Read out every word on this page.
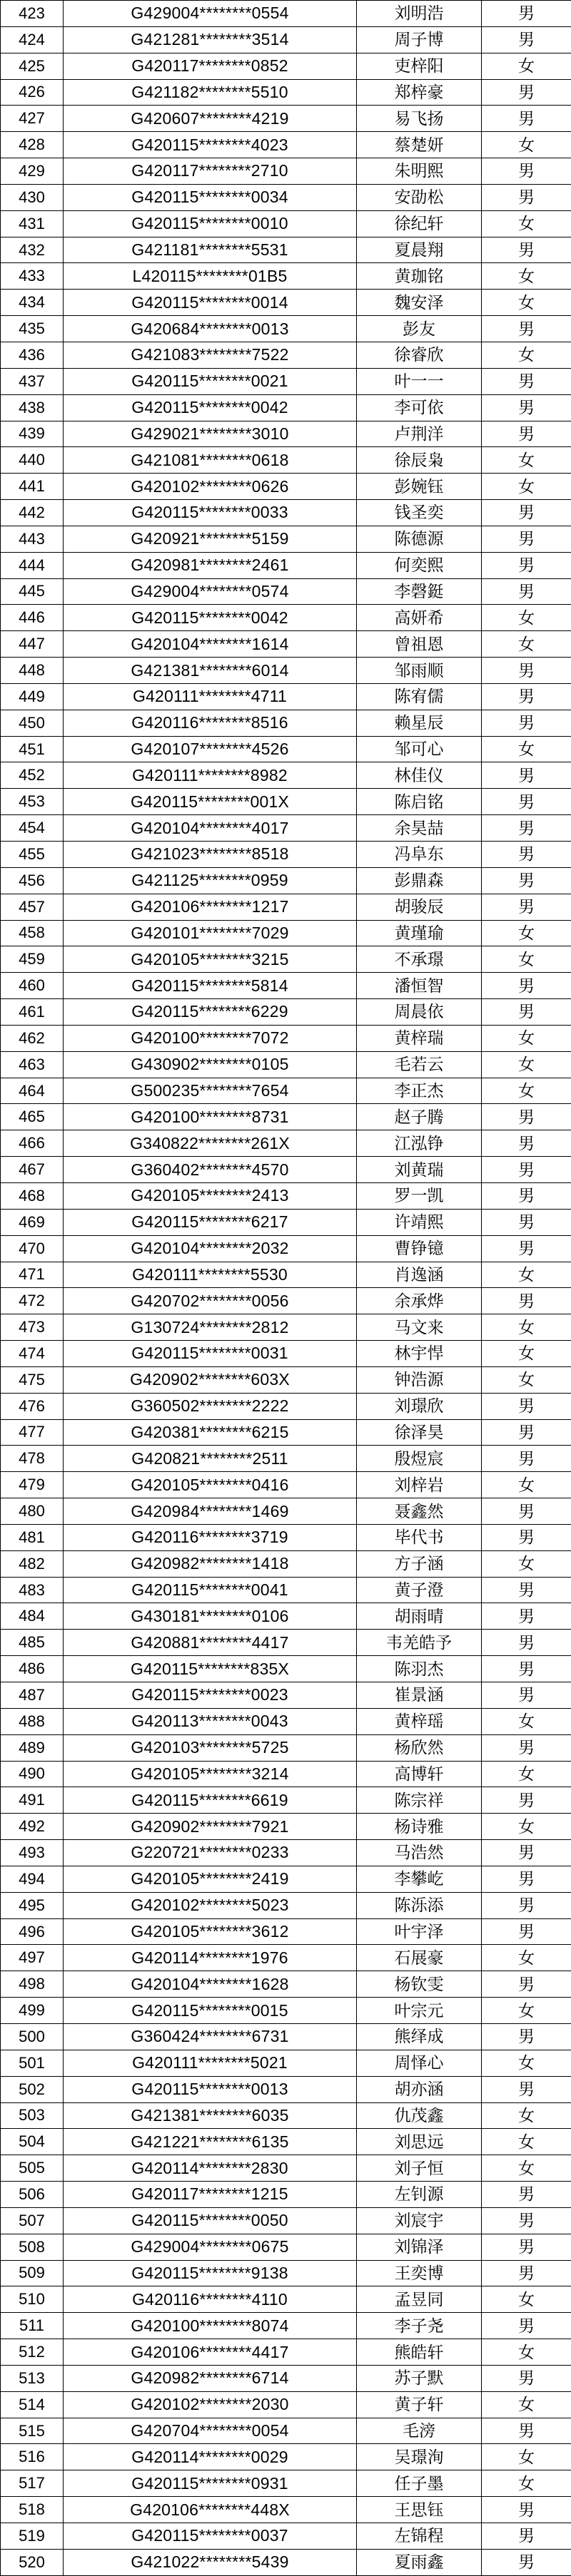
423	G429004********0554	刘明浩	男
424	G421281********3514	周子博	男
425	G420117********0852	吏梓阳	女
426	G421182********5510	郑梓豪	男
427	G420607********4219	易飞扬	男
428	G420115********4023	蔡楚妍	女
429	G420117********2710	朱明熙	男
430	G420115********0034	安劭松	男
431	G420115********0010	徐纪轩	女
432	G421181********5531	夏晨翔	男
433	L420115********01B5	黄珈铭	女
434	G420115********0014	魏安泽	女
435	G420684********0013	彭友	男
436	G421083********7522	徐睿欣	女
437	G420115********0021	叶一一	男
438	G420115********0042	李可依	男
439	G429021********3010	卢荆洋	男
440	G421081********0618	徐辰枭	女
441	G420102********0626	彭婉钰	女
442	G420115********0033	钱圣奕	男
443	G420921********5159	陈德源	男
444	G420981********2461	何奕熙	男
445	G429004********0574	李磬鋌	男
446	G420115********0042	高妍希	女
447	G420104********1614	曾祖恩	女
448	G421381********6014	邹雨顺	男
449	G420111********4711	陈宥儒	男
450	G420116********8516	赖星辰	男
451	G420107********4526	邹可心	女
452	G420111********8982	林佳仪	男
453	G420115********001X	陈启铭	男
454	G420104********4017	余昊喆	男
455	G421023********8518	冯阜东	男
456	G421125********0959	彭鼎森	男
457	G420106********1217	胡骏辰	男
458	G420101********7029	黄瑾瑜	女
459	G420105********3215	不承璟	女
460	G420115********5814	潘恒智	男
461	G420115********6229	周晨依	男
462	G420100********7072	黄梓瑞	女
463	G430902********0105	毛若云	女
464	G500235********7654	李正杰	女
465	G420100********8731	赵子腾	男
466	G340822********261X	江泓铮	男
467	G360402********4570	刘黄瑞	男
468	G420105********2413	罗一凯	男
469	G420115********6217	许靖熙	男
470	G420104********2032	曹铮镱	男
471	G420111********5530	肖逸涵	女
472	G420702********0056	余承烨	男
473	G130724********2812	马文来	女
474	G420115********0031	林宇悍	女
475	G420902********603X	钟浩源	女
476	G360502********2222	刘璟欣	男
477	G420381********6215	徐泽昊	男
478	G420821********2511	殷煜宸	男
479	G420105********0416	刘梓岩	女
480	G420984********1469	聂鑫然	男
481	G420116********3719	毕代书	男
482	G420982********1418	方子涵	女
483	G420115********0041	黄子澄	男
484	G430181********0106	胡雨晴	男
485	G420881********4417	韦羌皓予	男
486	G420115********835X	陈羽杰	男
487	G420115********0023	崔景涵	男
488	G420113********0043	黄梓瑶	女
489	G420103********5725	杨欣然	男
490	G420105********3214	高博轩	女
491	G420115********6619	陈宗祥	男
492	G420902********7921	杨诗雅	女
493	G220721********0233	马浩然	男
494	G420105********2419	李攀屹	男
495	G420102********5023	陈泺添	男
496	G420105********3612	叶宇泽	男
497	G420114********1976	石展豪	女
498	G420104********1628	杨钦雯	男
499	G420115********0015	叶宗元	女
500	G360424********6731	熊绎成	男
501	G420111********5021	周怿心	女
502	G420115********0013	胡亦涵	男
503	G421381********6035	仇茂鑫	女
504	G421221********6135	刘思远	女
505	G420114********2830	刘子恒	女
506	G420117********1215	左钊源	男
507	G420115********0050	刘宸宇	男
508	G429004********0675	刘锦泽	男
509	G420115********9138	王奕博	男
510	G420116********4110	孟昱同	女
511	G420100********8074	李子尧	男
512	G420106********4417	熊皓轩	女
513	G420982********6714	苏子默	男
514	G420102********2030	黄子轩	女
515	G420704********0054	毛滂	男
516	G420114********0029	吴璟洵	女
517	G420115********0931	任子墨	女
518	G420106********448X	王思钰	男
519	G420115********0037	左锦程	男
520	G421022********5439	夏雨鑫	男
